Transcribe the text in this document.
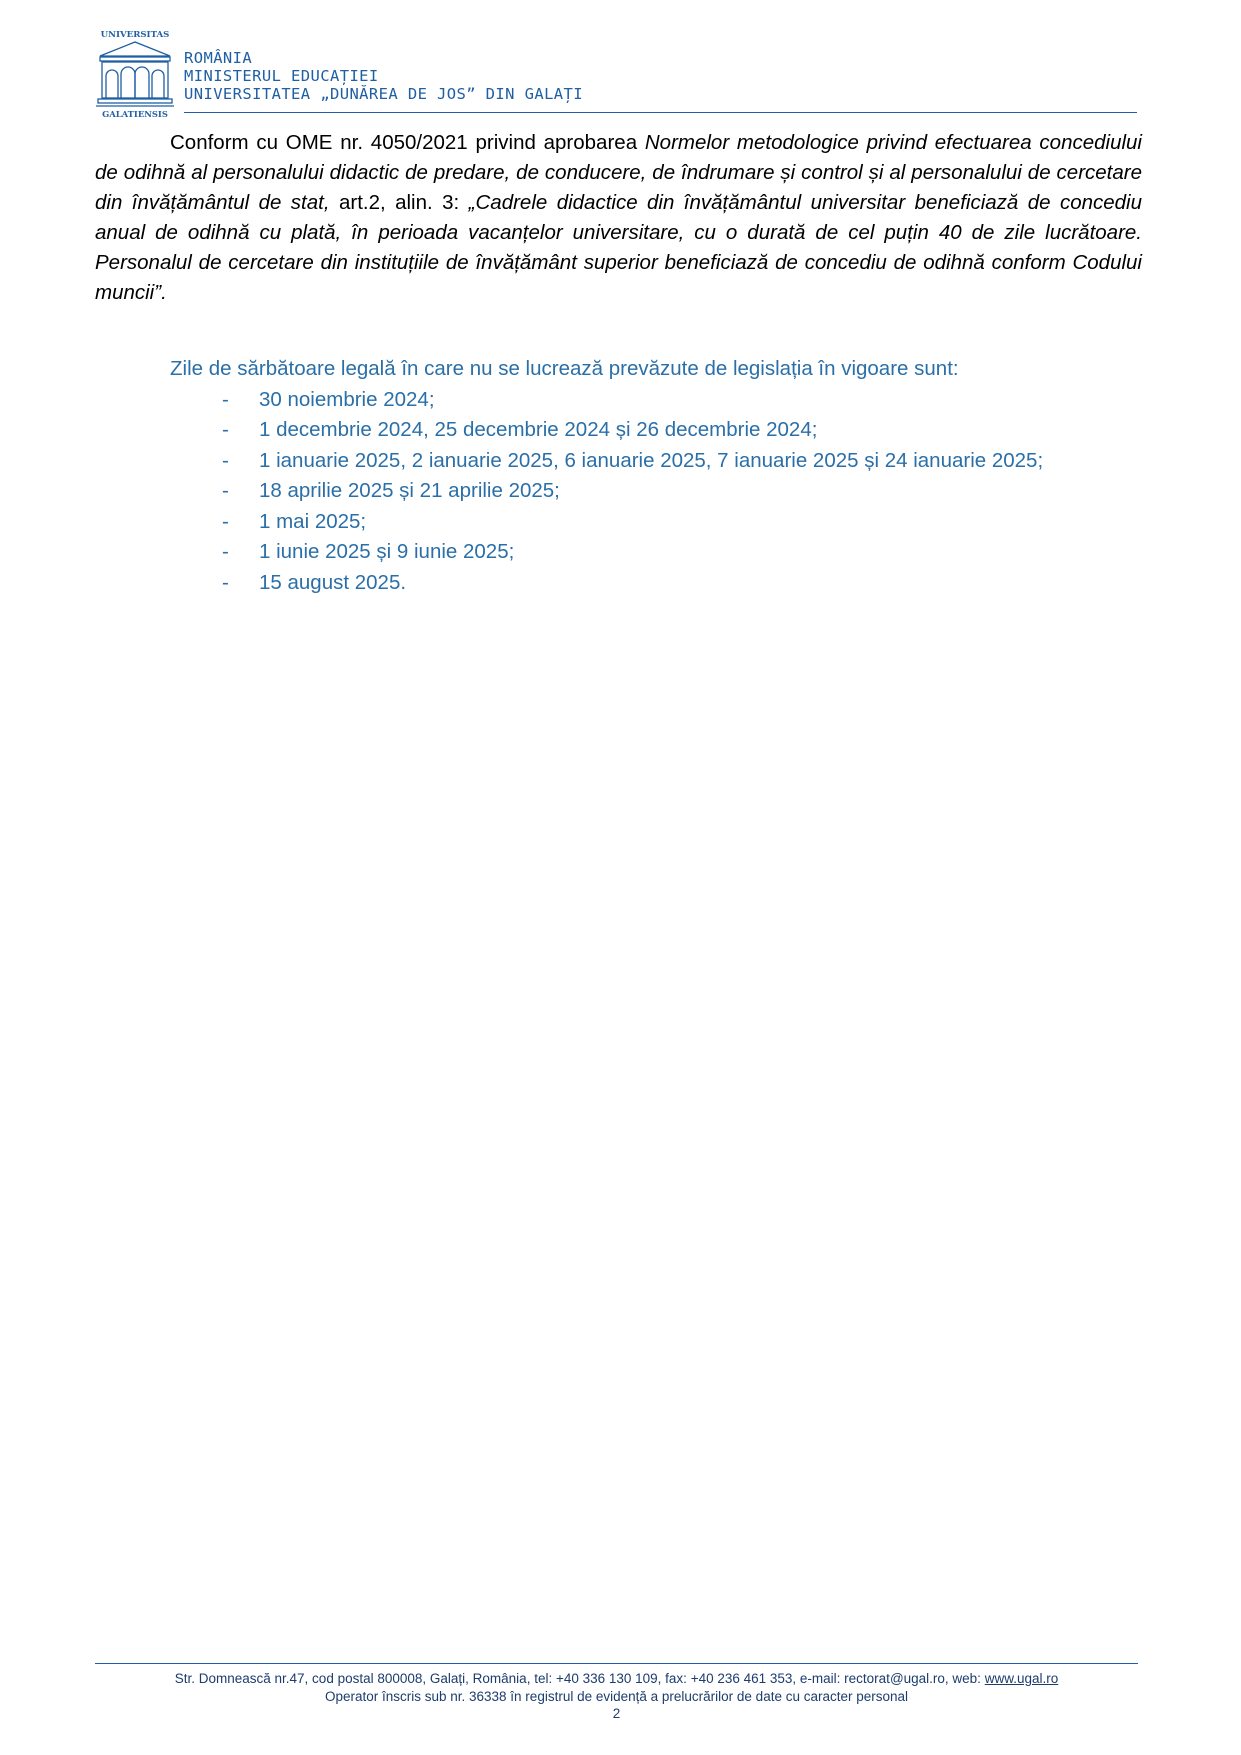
UNIVERSITAS
GALATIENSIS
ROMÂNIA
MINISTERUL EDUCAȚIEI
UNIVERSITATEA „DUNĂREA DE JOS” DIN GALAȚI
Conform cu OME nr. 4050/2021 privind aprobarea Normelor metodologice privind efectuarea concediului de odihnă al personalului didactic de predare, de conducere, de îndrumare și control și al personalului de cercetare din învățământul de stat, art.2, alin. 3: „Cadrele didactice din învățământul universitar beneficiază de concediu anual de odihnă cu plată, în perioada vacanțelor universitare, cu o durată de cel puțin 40 de zile lucrătoare. Personalul de cercetare din instituțiile de învățământ superior beneficiază de concediu de odihnă conform Codului muncii”.
Zile de sărbătoare legală în care nu se lucrează prevăzute de legislația în vigoare sunt:
- 30 noiembrie 2024;
- 1 decembrie 2024, 25 decembrie 2024 și 26 decembrie 2024;
- 1 ianuarie 2025, 2 ianuarie 2025, 6 ianuarie 2025, 7 ianuarie 2025 și 24 ianuarie 2025;
- 18 aprilie 2025 și 21 aprilie 2025;
- 1 mai 2025;
- 1 iunie 2025 și 9 iunie 2025;
- 15 august 2025.
Str. Domnească nr.47, cod postal 800008, Galați, România, tel: +40 336 130 109, fax: +40 236 461 353, e-mail: rectorat@ugal.ro, web: www.ugal.ro
Operator înscris sub nr. 36338 în registrul de evidență a prelucrărilor de date cu caracter personal
2
